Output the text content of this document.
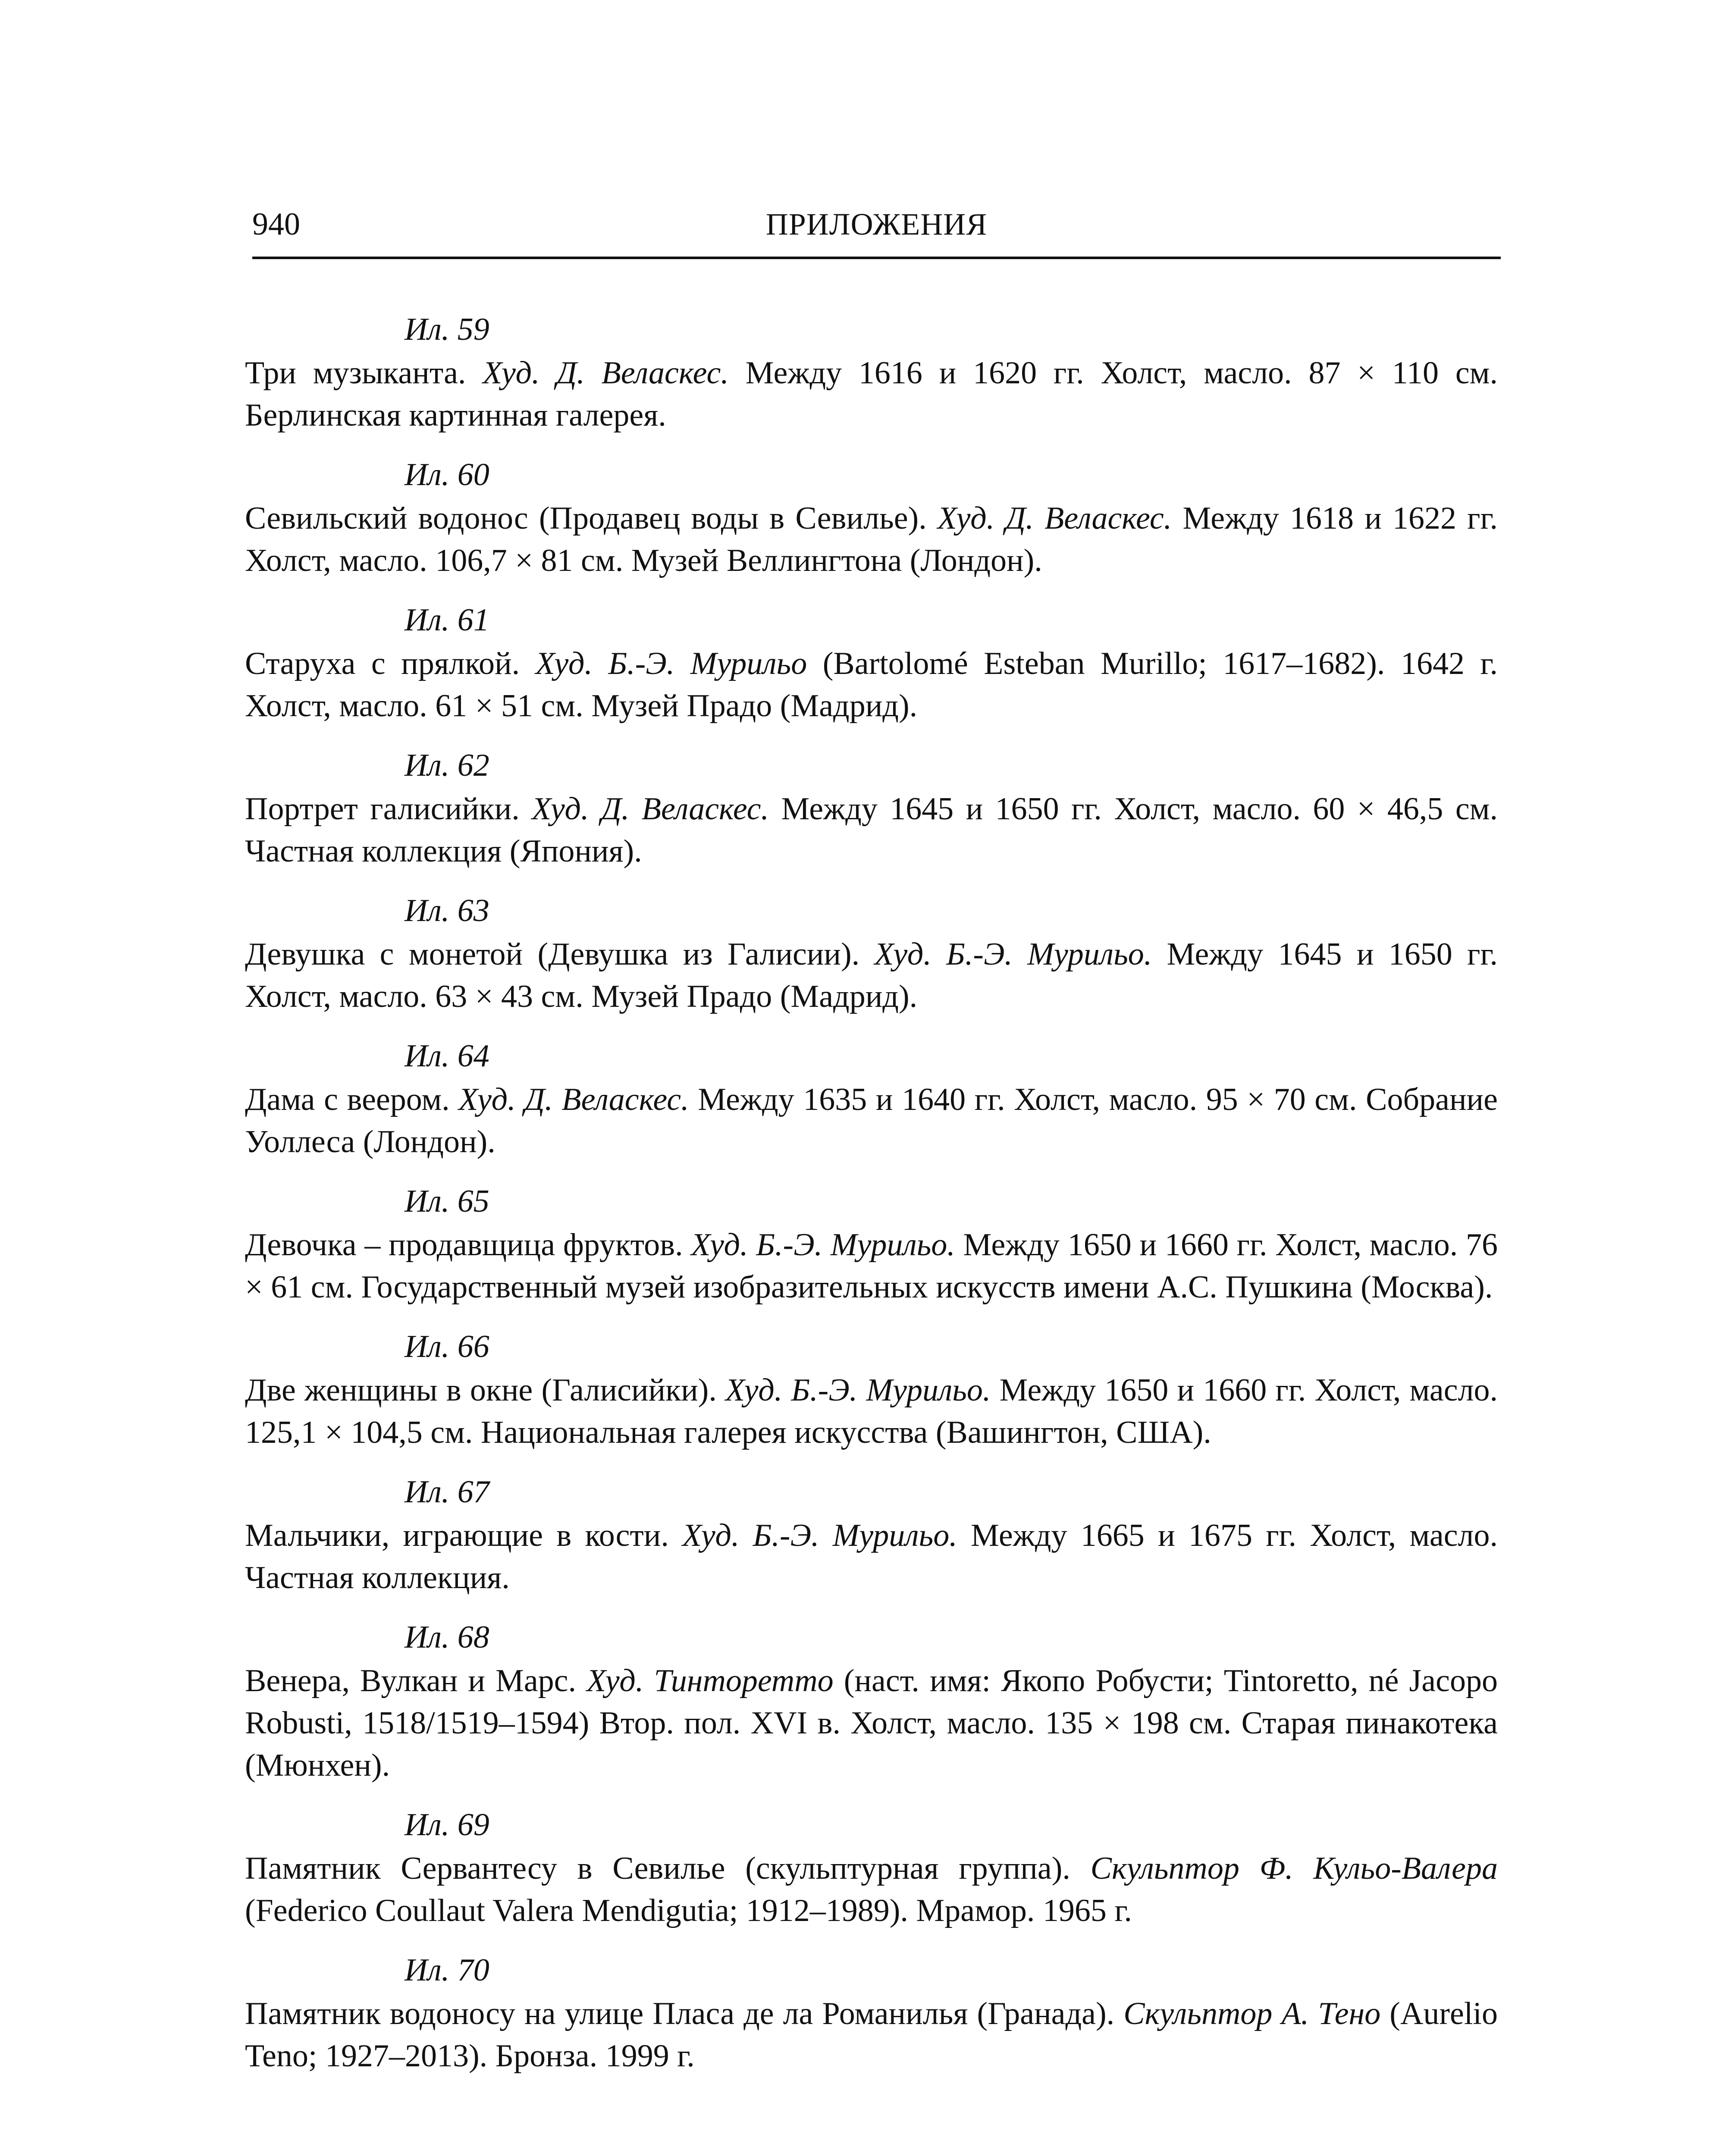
940	ПРИЛОЖЕНИЯ
Ил. 59
Три музыканта. Худ. Д. Веласкес. Между 1616 и 1620 гг. Холст, масло. 87 × 110 см. Берлинская картинная галерея.
Ил. 60
Севильский водонос (Продавец воды в Севилье). Худ. Д. Веласкес. Между 1618 и 1622 гг. Холст, масло. 106,7 × 81 см. Музей Веллингтона (Лондон).
Ил. 61
Старуха с прялкой. Худ. Б.-Э. Мурильо (Bartolomé Esteban Murillo; 1617–1682). 1642 г. Холст, масло. 61 × 51 см. Музей Прадо (Мадрид).
Ил. 62
Портрет галисийки. Худ. Д. Веласкес. Между 1645 и 1650 гг. Холст, масло. 60 × 46,5 см. Частная коллекция (Япония).
Ил. 63
Девушка с монетой (Девушка из Галисии). Худ. Б.-Э. Мурильо. Между 1645 и 1650 гг. Холст, масло. 63 × 43 см. Музей Прадо (Мадрид).
Ил. 64
Дама с веером. Худ. Д. Веласкес. Между 1635 и 1640 гг. Холст, масло. 95 × 70 см. Собрание Уоллеса (Лондон).
Ил. 65
Девочка – продавщица фруктов. Худ. Б.-Э. Мурильо. Между 1650 и 1660 гг. Холст, масло. 76 × 61 см. Государственный музей изобразительных искусств имени А.С. Пушкина (Москва).
Ил. 66
Две женщины в окне (Галисийки). Худ. Б.-Э. Мурильо. Между 1650 и 1660 гг. Холст, масло. 125,1 × 104,5 см. Национальная галерея искусства (Вашингтон, США).
Ил. 67
Мальчики, играющие в кости. Худ. Б.-Э. Мурильо. Между 1665 и 1675 гг. Холст, масло. Частная коллекция.
Ил. 68
Венера, Вулкан и Марс. Худ. Тинторетто (наст. имя: Якопо Робусти; Tintoretto, né Jacopo Robusti, 1518/1519–1594) Втор. пол. XVI в. Холст, масло. 135 × 198 см. Старая пинакотека (Мюнхен).
Ил. 69
Памятник Сервантесу в Севилье (скульптурная группа). Скульптор Ф. Кульо-Валера (Federico Coullaut Valera Mendigutia; 1912–1989). Мрамор. 1965 г.
Ил. 70
Памятник водоносу на улице Пласа де ла Романилья (Гранада). Скульптор А. Тено (Aurelio Teno; 1927–2013). Бронза. 1999 г.
